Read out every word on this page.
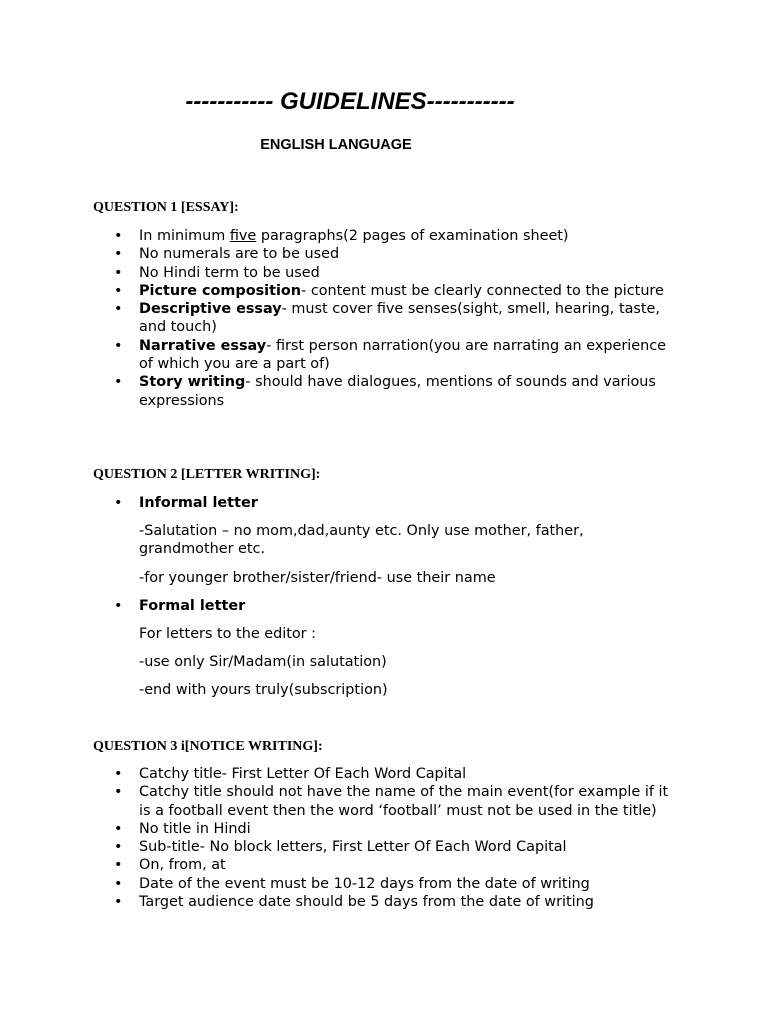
----------- GUIDELINES-----------
ENGLISH LANGUAGE
QUESTION 1 [ESSAY]:
• In minimum five paragraphs(2 pages of examination sheet)
• No numerals are to be used
• No Hindi term to be used
• Picture composition- content must be clearly connected to the picture
• Descriptive essay- must cover five senses(sight, smell, hearing, taste, and touch)
• Narrative essay- first person narration(you are narrating an experience of which you are a part of)
• Story writing- should have dialogues, mentions of sounds and various expressions
QUESTION 2 [LETTER WRITING]:
• Informal letter

-Salutation – no mom,dad,aunty etc. Only use mother, father, grandmother etc.

-for younger brother/sister/friend- use their name

• Formal letter

For letters to the editor :

-use only Sir/Madam(in salutation)

-end with yours truly(subscription)

QUESTION 3 i[NOTICE WRITING]:
• Catchy title- First Letter Of Each Word Capital
• Catchy title should not have the name of the main event(for example if it is a football event then the word ‘football’ must not be used in the title)
• No title in Hindi
• Sub-title- No block letters, First Letter Of Each Word Capital
• On, from, at
• Date of the event must be 10-12 days from the date of writing
• Target audience date should be 5 days from the date of writing
